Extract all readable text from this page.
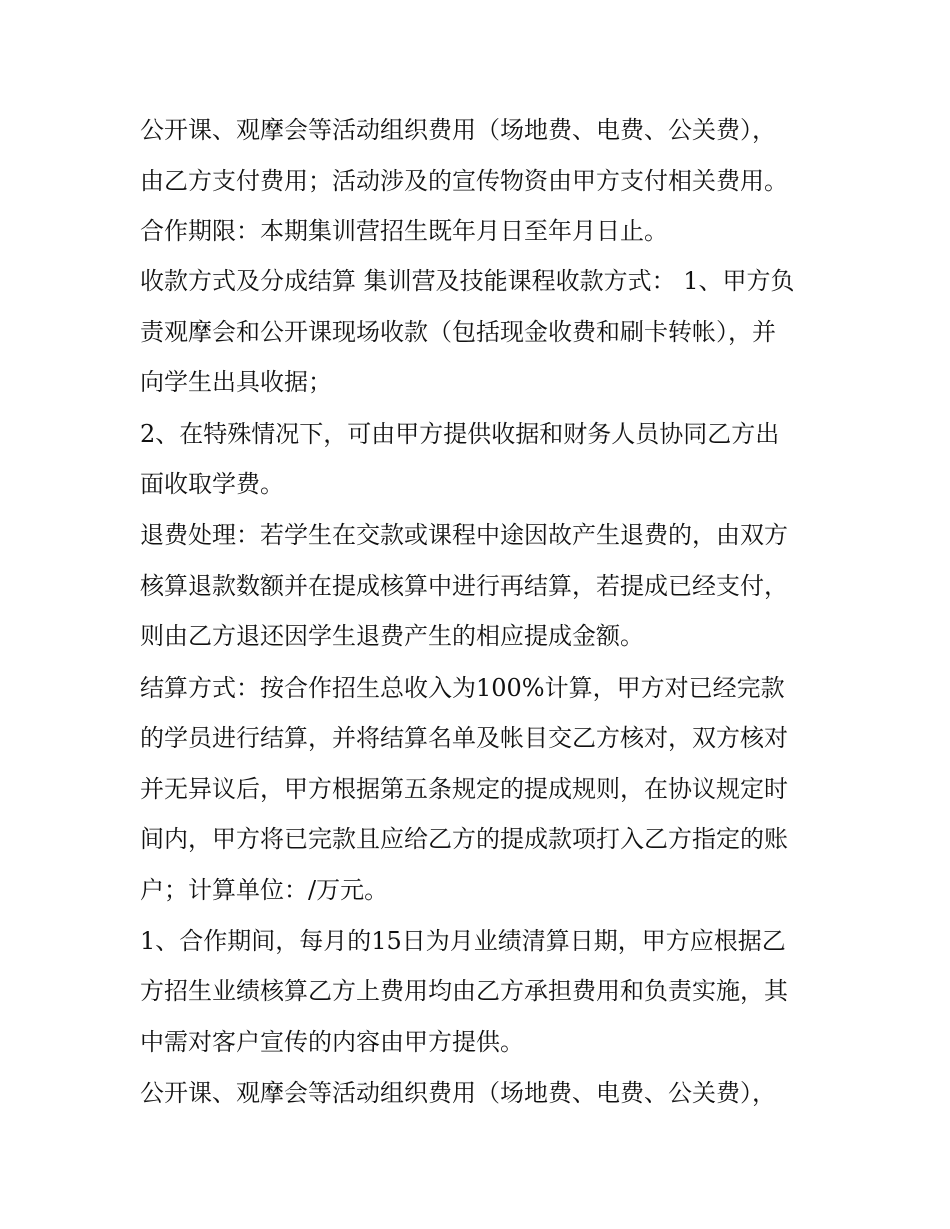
公开课、观摩会等活动组织费用（场地费、电费、公关费），
由乙方支付费用；活动涉及的宣传物资由甲方支付相关费用。
合作期限：本期集训营招生既年月日至年月日止。
收款方式及分成结算 集训营及技能课程收款方式： 1、甲方负
责观摩会和公开课现场收款（包括现金收费和刷卡转帐），并
向学生出具收据；
2、在特殊情况下，可由甲方提供收据和财务人员协同乙方出
面收取学费。
退费处理：若学生在交款或课程中途因故产生退费的，由双方
核算退款数额并在提成核算中进行再结算，若提成已经支付，
则由乙方退还因学生退费产生的相应提成金额。
结算方式：按合作招生总收入为100%计算，甲方对已经完款
的学员进行结算，并将结算名单及帐目交乙方核对，双方核对
并无异议后，甲方根据第五条规定的提成规则，在协议规定时
间内，甲方将已完款且应给乙方的提成款项打入乙方指定的账
户；计算单位：/万元。
1、合作期间，每月的15日为月业绩清算日期，甲方应根据乙
方招生业绩核算乙方上费用均由乙方承担费用和负责实施，其
中需对客户宣传的内容由甲方提供。
公开课、观摩会等活动组织费用（场地费、电费、公关费），
